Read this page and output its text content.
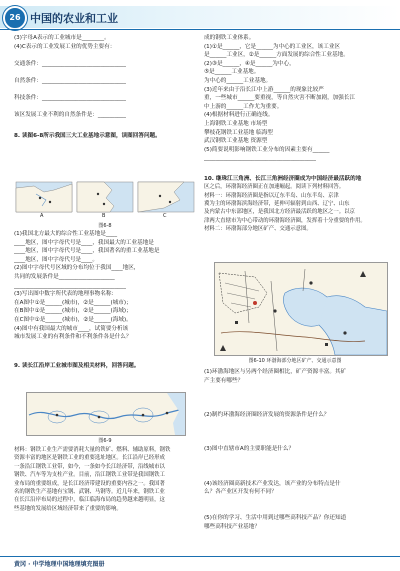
26 中国的农业和工业
(3)字母A表示的工业城市是________。
(4)C表示的工业发展工业的优势主要有：
交通条件：______________________________
自然条件：______________________________
科技条件：______________________________
该区发展工业不利的自然条件是：__________
8. 读图6-8所示我国三大工业基地示意图，读图回答问题。
A	B	C
图6-8
(1)我国北方最大的综合性工业基地是____
____地区，图中字母代号是____，我国最大的工业基地是
____地区，图中字母代号是____，我国著名的重工业基地是
____地区，图中字母代号是____。
(2)图中字母代号区域的分布均位于我国____地区，
共同的发展条件是____________________
________________________________________
(3)写出图中数字所代表的地理事物名称：
在A图中①是______(城市)，②是______(城市)；
在B图中①是______(城市)，②是______(海域)；
在C图中①是______(城市)，②是______(海域)。
(4)图中有我国最大的城市____，试简要分析该
城市发展工业的有利条件和不利条件各是什么？
9. 读长江沿岸工业城市图及相关材料，回答问题。
图6-9
材料：钢铁工业生产需要消耗大量的铁矿、燃料、辅助原料，钢铁
资源丰富的地区是钢铁工业的重要选址地区。长江沿岸已经形成
一条沿江钢铁工业带，如今，一条如今长江经济带，沿线城市以
钢铁、汽车等为支柱产业。目前，沿江钢铁工业带是我国钢铁工
业布局的重要组成，是长江经济带建设的重要内容之一。我国著
名的钢铁生产基地有宝钢、武钢、马钢等。近几年来，钢铁工业
在长江沿岸布局的过程中，临江临海布局的趋势越来越明显，这
些基地的发展给区域经济带来了重要的影响。
成的钢铁工业体系。
(1)①是______，它是______为中心的工业区，该工业区
是______工业区，②是______方面发展的综合性工业基地。
(2)③是______，④是______为中心，
⑤是______工业基地。
为中心的______工业基地。
(3)近年来由于沿长江中上游______的现象比较严
重，一些城市______要重视，等自然灾害不断加剧，加强长江
中上游的______工作尤为重要。
(4)根据材料进行正确连线。
上海钢铁工业基地 市场型
攀枝花钢铁工业基地 临海型
武汉钢铁工业基地 资源型
(5)简要说明影响钢铁工业分布的因素主要有______
________________________________________
10. 继珠江三角洲、长江三角洲经济圈成为中国经济最活跃的地
区之后，环渤海经济圈正在加速崛起。阅读下列材料回答。
材料一：环渤海经济圈是指以辽东半岛、山东半岛、京津
冀为主的环渤海滨海经济带，延伸可辐射到山西、辽宁、山东
及内蒙古中东部地区，是我国北方经济最活跃的地区之一。以京
津两大直辖市为中心带动的环渤海经济圈，发挥着十分重要的作用。
材料二：环渤海部分地区矿产、交通示意图。
图6-10 环渤海部分地区矿产、交通示意图
(1)环渤海地区与另两个经济圈相比，矿产资源丰富。其矿
产主要有哪些？
(2)制约环渤海经济圈经济发展的资源条件是什么？
(3)图中直辖市A的主要职能是什么？
(4)该经济圈高新技术产业发达，该产业的分布特点是什
么？各产业区开发有何不同？
(5)在你的学习、生活中用到过哪些高科技产品？你还知道
哪些高科技产业基地？
黄冈 · 中学地理中国地理填充图册
